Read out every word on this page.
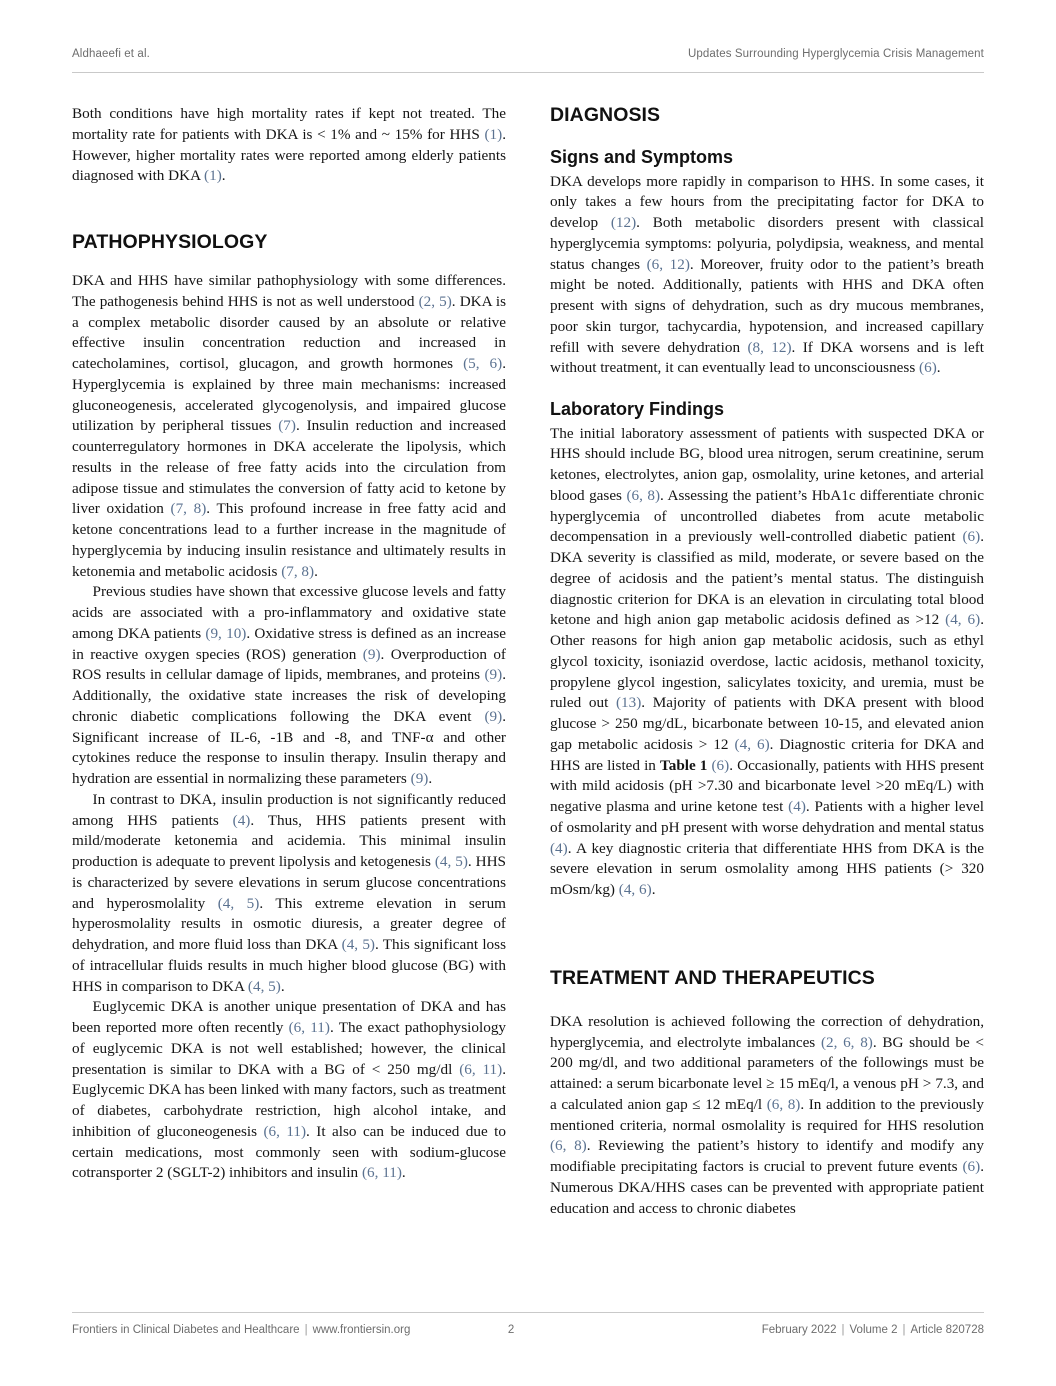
Aldhaeefi et al.	Updates Surrounding Hyperglycemia Crisis Management

Both conditions have high mortality rates if kept not treated. The mortality rate for patients with DKA is < 1% and ~ 15% for HHS (1). However, higher mortality rates were reported among elderly patients diagnosed with DKA (1).

PATHOPHYSIOLOGY

DKA and HHS have similar pathophysiology with some differences. The pathogenesis behind HHS is not as well understood (2, 5). DKA is a complex metabolic disorder caused by an absolute or relative effective insulin concentration reduction and increased in catecholamines, cortisol, glucagon, and growth hormones (5, 6). Hyperglycemia is explained by three main mechanisms: increased gluconeogenesis, accelerated glycogenolysis, and impaired glucose utilization by peripheral tissues (7). Insulin reduction and increased counterregulatory hormones in DKA accelerate the lipolysis, which results in the release of free fatty acids into the circulation from adipose tissue and stimulates the conversion of fatty acid to ketone by liver oxidation (7, 8). This profound increase in free fatty acid and ketone concentrations lead to a further increase in the magnitude of hyperglycemia by inducing insulin resistance and ultimately results in ketonemia and metabolic acidosis (7, 8).

Previous studies have shown that excessive glucose levels and fatty acids are associated with a pro-inflammatory and oxidative state among DKA patients (9, 10). Oxidative stress is defined as an increase in reactive oxygen species (ROS) generation (9). Overproduction of ROS results in cellular damage of lipids, membranes, and proteins (9). Additionally, the oxidative state increases the risk of developing chronic diabetic complications following the DKA event (9). Significant increase of IL-6, -1B and -8, and TNF-α and other cytokines reduce the response to insulin therapy. Insulin therapy and hydration are essential in normalizing these parameters (9).

In contrast to DKA, insulin production is not significantly reduced among HHS patients (4). Thus, HHS patients present with mild/moderate ketonemia and acidemia. This minimal insulin production is adequate to prevent lipolysis and ketogenesis (4, 5). HHS is characterized by severe elevations in serum glucose concentrations and hyperosmolality (4, 5). This extreme elevation in serum hyperosmolality results in osmotic diuresis, a greater degree of dehydration, and more fluid loss than DKA (4, 5). This significant loss of intracellular fluids results in much higher blood glucose (BG) with HHS in comparison to DKA (4, 5).

Euglycemic DKA is another unique presentation of DKA and has been reported more often recently (6, 11). The exact pathophysiology of euglycemic DKA is not well established; however, the clinical presentation is similar to DKA with a BG of < 250 mg/dl (6, 11). Euglycemic DKA has been linked with many factors, such as treatment of diabetes, carbohydrate restriction, high alcohol intake, and inhibition of gluconeogenesis (6, 11). It also can be induced due to certain medications, most commonly seen with sodium-glucose cotransporter 2 (SGLT-2) inhibitors and insulin (6, 11).

DIAGNOSIS
Signs and Symptoms

DKA develops more rapidly in comparison to HHS. In some cases, it only takes a few hours from the precipitating factor for DKA to develop (12). Both metabolic disorders present with classical hyperglycemia symptoms: polyuria, polydipsia, weakness, and mental status changes (6, 12). Moreover, fruity odor to the patient’s breath might be noted. Additionally, patients with HHS and DKA often present with signs of dehydration, such as dry mucous membranes, poor skin turgor, tachycardia, hypotension, and increased capillary refill with severe dehydration (8, 12). If DKA worsens and is left without treatment, it can eventually lead to unconsciousness (6).

Laboratory Findings

The initial laboratory assessment of patients with suspected DKA or HHS should include BG, blood urea nitrogen, serum creatinine, serum ketones, electrolytes, anion gap, osmolality, urine ketones, and arterial blood gases (6, 8). Assessing the patient’s HbA1c differentiate chronic hyperglycemia of uncontrolled diabetes from acute metabolic decompensation in a previously well-controlled diabetic patient (6). DKA severity is classified as mild, moderate, or severe based on the degree of acidosis and the patient’s mental status. The distinguish diagnostic criterion for DKA is an elevation in circulating total blood ketone and high anion gap metabolic acidosis defined as >12 (4, 6). Other reasons for high anion gap metabolic acidosis, such as ethyl glycol toxicity, isoniazid overdose, lactic acidosis, methanol toxicity, propylene glycol ingestion, salicylates toxicity, and uremia, must be ruled out (13). Majority of patients with DKA present with blood glucose > 250 mg/dL, bicarbonate between 10-15, and elevated anion gap metabolic acidosis > 12 (4, 6). Diagnostic criteria for DKA and HHS are listed in Table 1 (6). Occasionally, patients with HHS present with mild acidosis (pH >7.30 and bicarbonate level >20 mEq/L) with negative plasma and urine ketone test (4). Patients with a higher level of osmolarity and pH present with worse dehydration and mental status (4). A key diagnostic criteria that differentiate HHS from DKA is the severe elevation in serum osmolality among HHS patients (> 320 mOsm/kg) (4, 6).

TREATMENT AND THERAPEUTICS

DKA resolution is achieved following the correction of dehydration, hyperglycemia, and electrolyte imbalances (2, 6, 8). BG should be < 200 mg/dl, and two additional parameters of the followings must be attained: a serum bicarbonate level ≥ 15 mEq/l, a venous pH > 7.3, and a calculated anion gap ≤ 12 mEq/l (6, 8). In addition to the previously mentioned criteria, normal osmolality is required for HHS resolution (6, 8). Reviewing the patient’s history to identify and modify any modifiable precipitating factors is crucial to prevent future events (6). Numerous DKA/HHS cases can be prevented with appropriate patient education and access to chronic diabetes

Frontiers in Clinical Diabetes and Healthcare | www.frontiersin.org	2	February 2022 | Volume 2 | Article 820728
